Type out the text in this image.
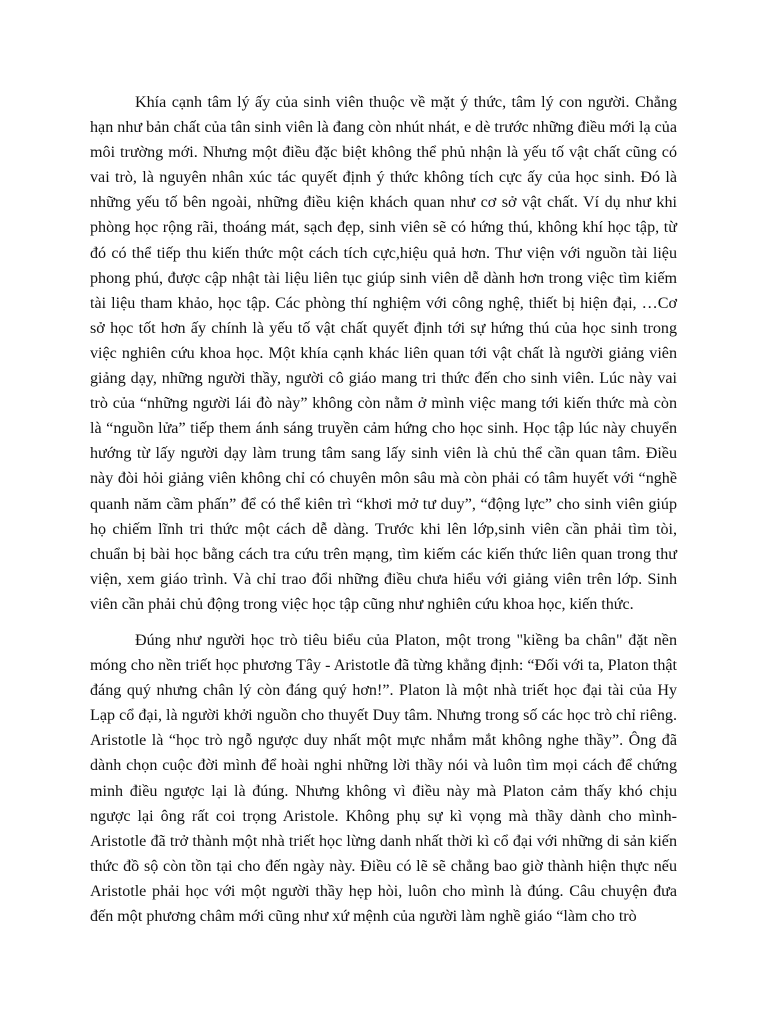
Khía cạnh tâm lý ấy của sinh viên thuộc về mặt ý thức, tâm lý con người. Chẳng hạn như bản chất của tân sinh viên là đang còn nhút nhát, e dè trước những điều mới lạ của môi trường mới. Nhưng một điều đặc biệt không thể phủ nhận là yếu tố vật chất cũng có vai trò, là nguyên nhân xúc tác quyết định ý thức không tích cực ấy của học sinh. Đó là những yếu tố bên ngoài, những điều kiện khách quan như cơ sở vật chất. Ví dụ như khi phòng học rộng rãi, thoáng mát, sạch đẹp, sinh viên sẽ có hứng thú, không khí học tập, từ đó có thể tiếp thu kiến thức một cách tích cực,hiệu quả hơn. Thư viện với nguồn tài liệu phong phú, được cập nhật tài liệu liên tục giúp sinh viên dễ dành hơn trong việc tìm kiếm tài liệu tham khảo, học tập. Các phòng thí nghiệm với công nghệ, thiết bị hiện đại, …Cơ sở học tốt hơn ấy chính là yếu tố vật chất quyết định tới sự hứng thú của học sinh trong việc nghiên cứu khoa học. Một khía cạnh khác liên quan tới vật chất là người giảng viên giảng dạy, những người thầy, người cô giáo mang tri thức đến cho sinh viên. Lúc này vai trò của “những người lái đò này” không còn nằm ở mình việc mang tới kiến thức mà còn là “nguồn lửa” tiếp them ánh sáng truyền cảm hứng cho học sinh. Học tập lúc này chuyển hướng từ lấy người dạy làm trung tâm sang lấy sinh viên là chủ thể cần quan tâm. Điều này đòi hỏi giảng viên không chỉ có chuyên môn sâu mà còn phải có tâm huyết với “nghề quanh năm cầm phấn” để có thể kiên trì “khơi mở tư duy”, “động lực” cho sinh viên giúp họ chiếm lĩnh tri thức một cách dễ dàng. Trước khi lên lớp,sinh viên cần phải tìm tòi, chuẩn bị bài học bằng cách tra cứu trên mạng, tìm kiếm các kiến thức liên quan trong thư viện, xem giáo trình. Và chỉ trao đổi những điều chưa hiểu với giảng viên trên lớp. Sinh viên cần phải chủ động trong việc học tập cũng như nghiên cứu khoa học, kiến thức.

Đúng như người học trò tiêu biểu của Platon, một trong "kiềng ba chân" đặt nền móng cho nền triết học phương Tây - Aristotle đã từng khẳng định: “Đối với ta, Platon thật đáng quý nhưng chân lý còn đáng quý hơn!”. Platon là một nhà triết học đại tài của Hy Lạp cổ đại, là người khởi nguồn cho thuyết Duy tâm. Nhưng trong số các học trò chỉ riêng. Aristotle là “học trò ngỗ ngược duy nhất một mực nhắm mắt không nghe thầy”. Ông đã dành chọn cuộc đời mình để hoài nghi những lời thầy nói và luôn tìm mọi cách để chứng minh điều ngược lại là đúng. Nhưng không vì điều này mà Platon cảm thấy khó chịu ngược lại ông rất coi trọng Aristole. Không phụ sự kì vọng mà thầy dành cho mình- Aristotle đã trở thành một nhà triết học lừng danh nhất thời kì cổ đại với những di sản kiến thức đồ sộ còn tồn tại cho đến ngày này. Điều có lẽ sẽ chẳng bao giờ thành hiện thực nếu Aristotle phải học với một người thầy hẹp hòi, luôn cho mình là đúng. Câu chuyện đưa đến một phương châm mới cũng như xứ mệnh của người làm nghề giáo “làm cho trò
